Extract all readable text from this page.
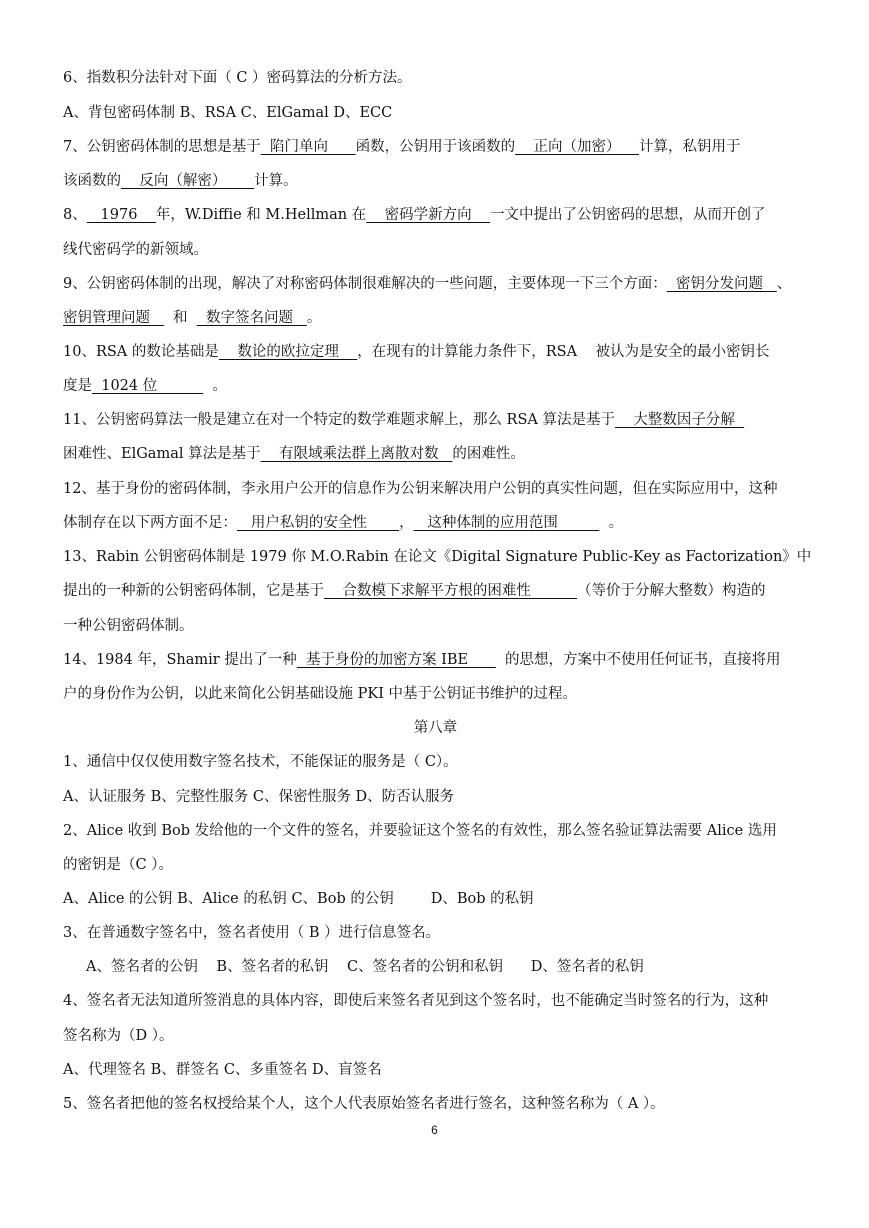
6、指数积分法针对下面（ C ）密码算法的分析方法。
A、背包密码体制 B、RSA C、ElGamal D、ECC
7、公钥密码体制的思想是基于  陷门单向      函数，公钥用于该函数的    正向（加密）    计算，私钥用于
该函数的    反向（解密）      计算。
8、   1976    年，W.Diffie 和 M.Hellman 在    密码学新方向    一文中提出了公钥密码的思想，从而开创了
线代密码学的新领域。
9、公钥密码体制的出现，解决了对称密码体制很难解决的一些问题，主要体现一下三个方面：  密钥分发问题   、
密钥管理问题     和    数字签名问题   。
10、RSA 的数论基础是    数论的欧拉定理    ，在现有的计算能力条件下，RSA    被认为是安全的最小密钥长
度是  1024 位            。
11、公钥密码算法一般是建立在对一个特定的数学难题求解上，那么 RSA 算法是基于    大整数因子分解
困难性、ElGamal 算法是基于    有限域乘法群上离散对数   的困难性。
12、基于身份的密码体制，李永用户公开的信息作为公钥来解决用户公钥的真实性问题，但在实际应用中，这种
体制存在以下两方面不足：   用户私钥的安全性       ，   这种体制的应用范围           。
13、Rabin 公钥密码体制是 1979 你 M.O.Rabin 在论文《Digital Signature Public-Key as Factorization》中
提出的一种新的公钥密码体制，它是基于    合数模下求解平方根的困难性          （等价于分解大整数）构造的
一种公钥密码体制。
14、1984 年，Shamir 提出了一种  基于身份的加密方案 IBE        的思想，方案中不使用任何证书，直接将用
户的身份作为公钥，以此来简化公钥基础设施 PKI 中基于公钥证书维护的过程。
第八章
1、通信中仅仅使用数字签名技术，不能保证的服务是（ C）。
A、认证服务 B、完整性服务 C、保密性服务 D、防否认服务
2、Alice 收到 Bob 发给他的一个文件的签名，并要验证这个签名的有效性，那么签名验证算法需要 Alice 选用
的密钥是（C ）。
A、Alice 的公钥 B、Alice 的私钥 C、Bob 的公钥        D、Bob 的私钥
3、在普通数字签名中，签名者使用（ B ）进行信息签名。
A、签名者的公钥    B、签名者的私钥    C、签名者的公钥和私钥      D、签名者的私钥
4、签名者无法知道所签消息的具体内容，即使后来签名者见到这个签名时，也不能确定当时签名的行为，这种
签名称为（D ）。
A、代理签名 B、群签名 C、多重签名 D、盲签名
5、签名者把他的签名权授给某个人，这个人代表原始签名者进行签名，这种签名称为（ A ）。
6
